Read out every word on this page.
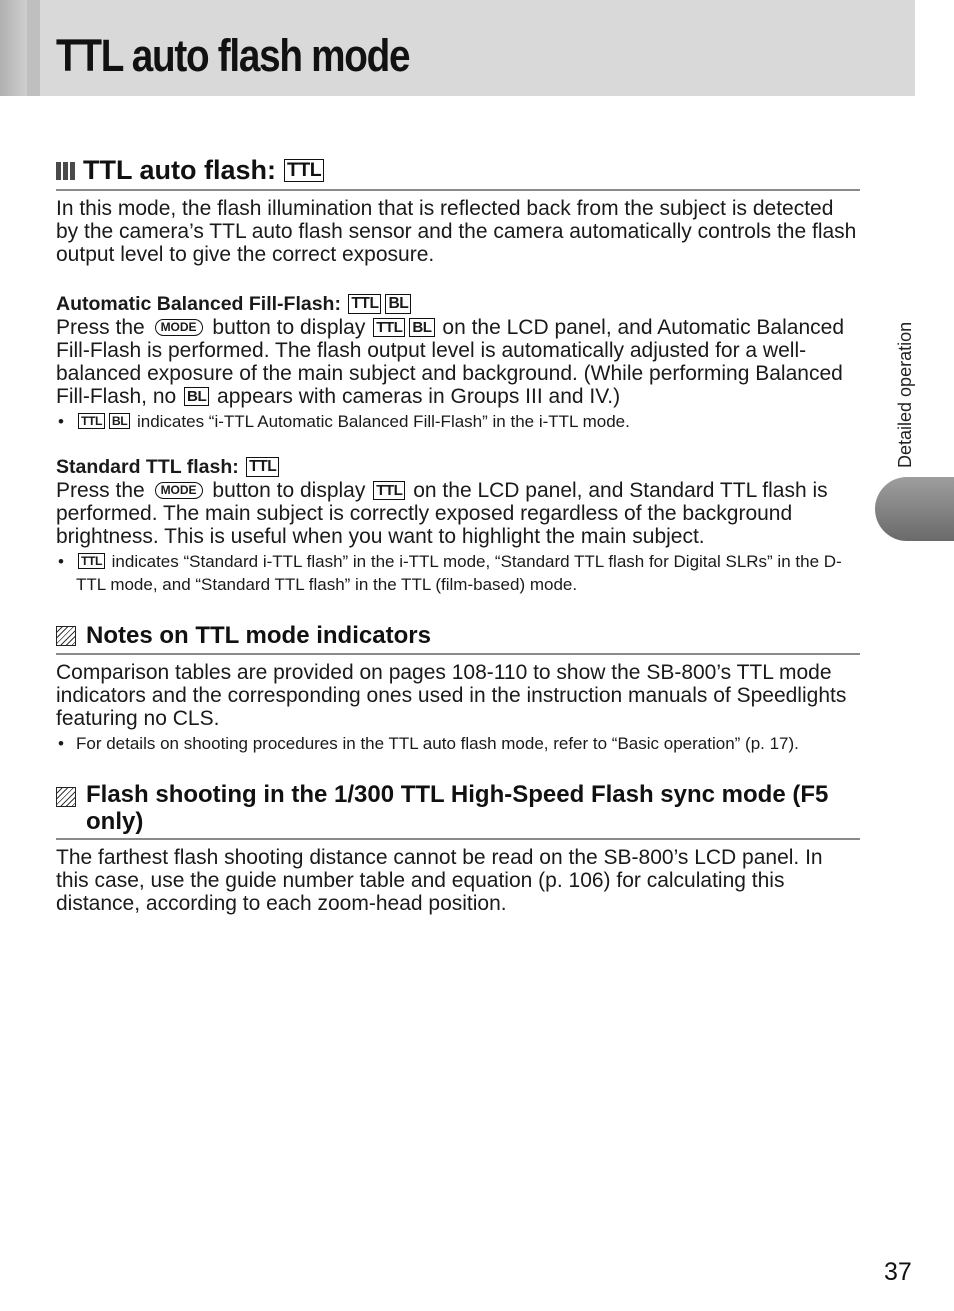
TTL auto flash mode
TTL auto flash: TTL

In this mode, the flash illumination that is reflected back from the subject is detected by the camera’s TTL auto flash sensor and the camera automatically controls the flash output level to give the correct exposure.

Automatic Balanced Fill-Flash: TTL BL

Press the MODE button to display TTL BL on the LCD panel, and Automatic Balanced Fill-Flash is performed. The flash output level is automatically adjusted for a well-balanced exposure of the main subject and background. (While performing Balanced Fill-Flash, no BL appears with cameras in Groups III and IV.)

• TTL BL indicates “i-TTL Automatic Balanced Fill-Flash” in the i-TTL mode.

Standard TTL flash: TTL

Press the MODE button to display TTL on the LCD panel, and Standard TTL flash is performed. The main subject is correctly exposed regardless of the background brightness. This is useful when you want to highlight the main subject.

• TTL indicates “Standard i-TTL flash” in the i-TTL mode, “Standard TTL flash for Digital SLRs” in the D-TTL mode, and “Standard TTL flash” in the TTL (film-based) mode.

Notes on TTL mode indicators

Comparison tables are provided on pages 108-110 to show the SB-800’s TTL mode indicators and the corresponding ones used in the instruction manuals of Speedlights featuring no CLS.

• For details on shooting procedures in the TTL auto flash mode, refer to “Basic operation” (p. 17).

Flash shooting in the 1/300 TTL High-Speed Flash sync mode (F5 only)

The farthest flash shooting distance cannot be read on the SB-800’s LCD panel. In this case, use the guide number table and equation (p. 106) for calculating this distance, according to each zoom-head position.

Detailed operation
37
